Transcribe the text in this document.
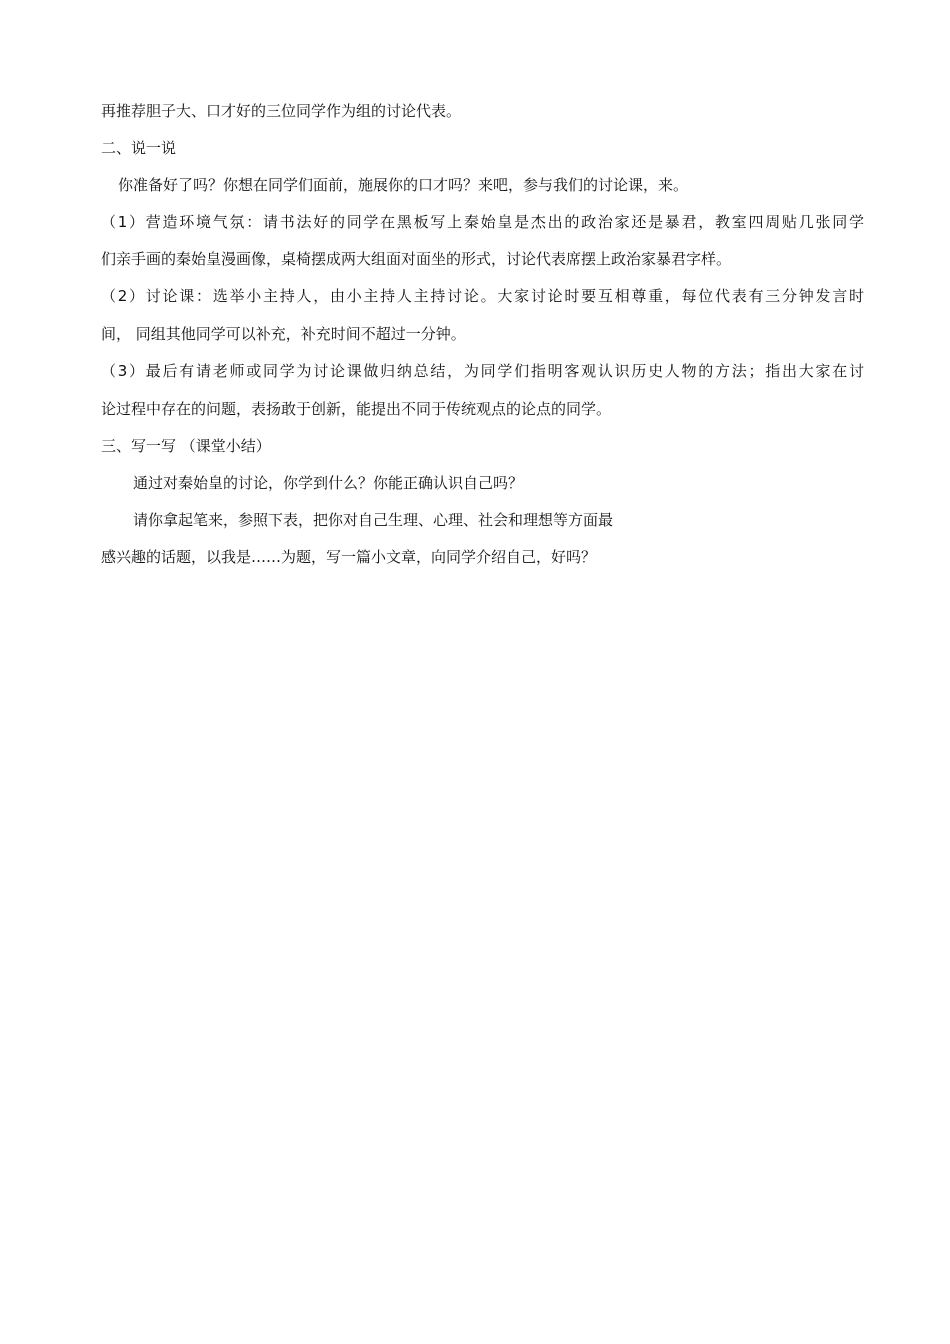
再推荐胆子大、口才好的三位同学作为组的讨论代表。
二、说一说
你准备好了吗？你想在同学们面前，施展你的口才吗？来吧，参与我们的讨论课，来。
（1）营造环境气氛：请书法好的同学在黑板写上秦始皇是杰出的政治家还是暴君，教室四周贴几张同学
们亲手画的秦始皇漫画像，桌椅摆成两大组面对面坐的形式，讨论代表席摆上政治家暴君字样。
（2）讨论课：选举小主持人，由小主持人主持讨论。大家讨论时要互相尊重，每位代表有三分钟发言时
间， 同组其他同学可以补充，补充时间不超过一分钟。
（3）最后有请老师或同学为讨论课做归纳总结，为同学们指明客观认识历史人物的方法；指出大家在讨
论过程中存在的问题，表扬敢于创新，能提出不同于传统观点的论点的同学。
三、写一写 （课堂小结）
通过对秦始皇的讨论，你学到什么？你能正确认识自己吗？
请你拿起笔来，参照下表，把你对自己生理、心理、社会和理想等方面最
感兴趣的话题，以我是……为题，写一篇小文章，向同学介绍自己，好吗？
